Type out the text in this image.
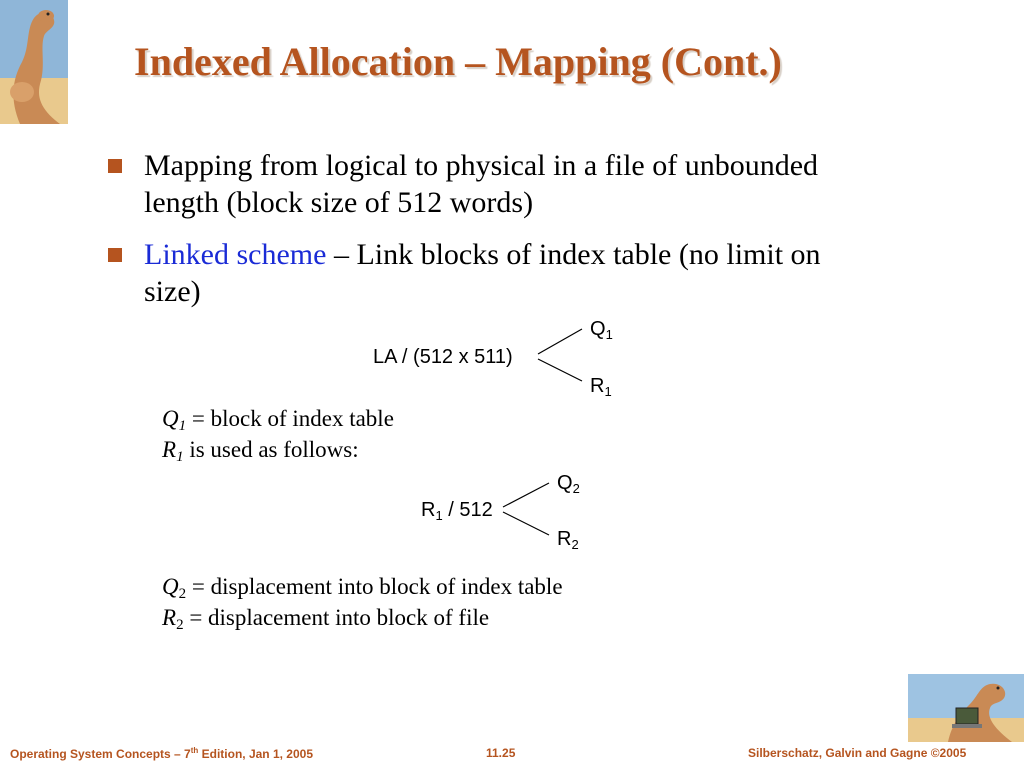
Indexed Allocation – Mapping (Cont.)
Mapping from logical to physical in a file of unbounded length (block size of 512 words)
Linked scheme – Link blocks of index table (no limit on size)
LA / (512 x 511)
$Q_1$
$R_1$
$Q_1$ = block of index table
$R_1$ is used as follows:
$R_1 / 512$
$Q_2$
$R_2$
$Q_2$ = displacement into block of index table
$R_2$ = displacement into block of file
Operating System Concepts – 7th Edition, Jan 1, 2005	11.25	Silberschatz, Galvin and Gagne ©2005
